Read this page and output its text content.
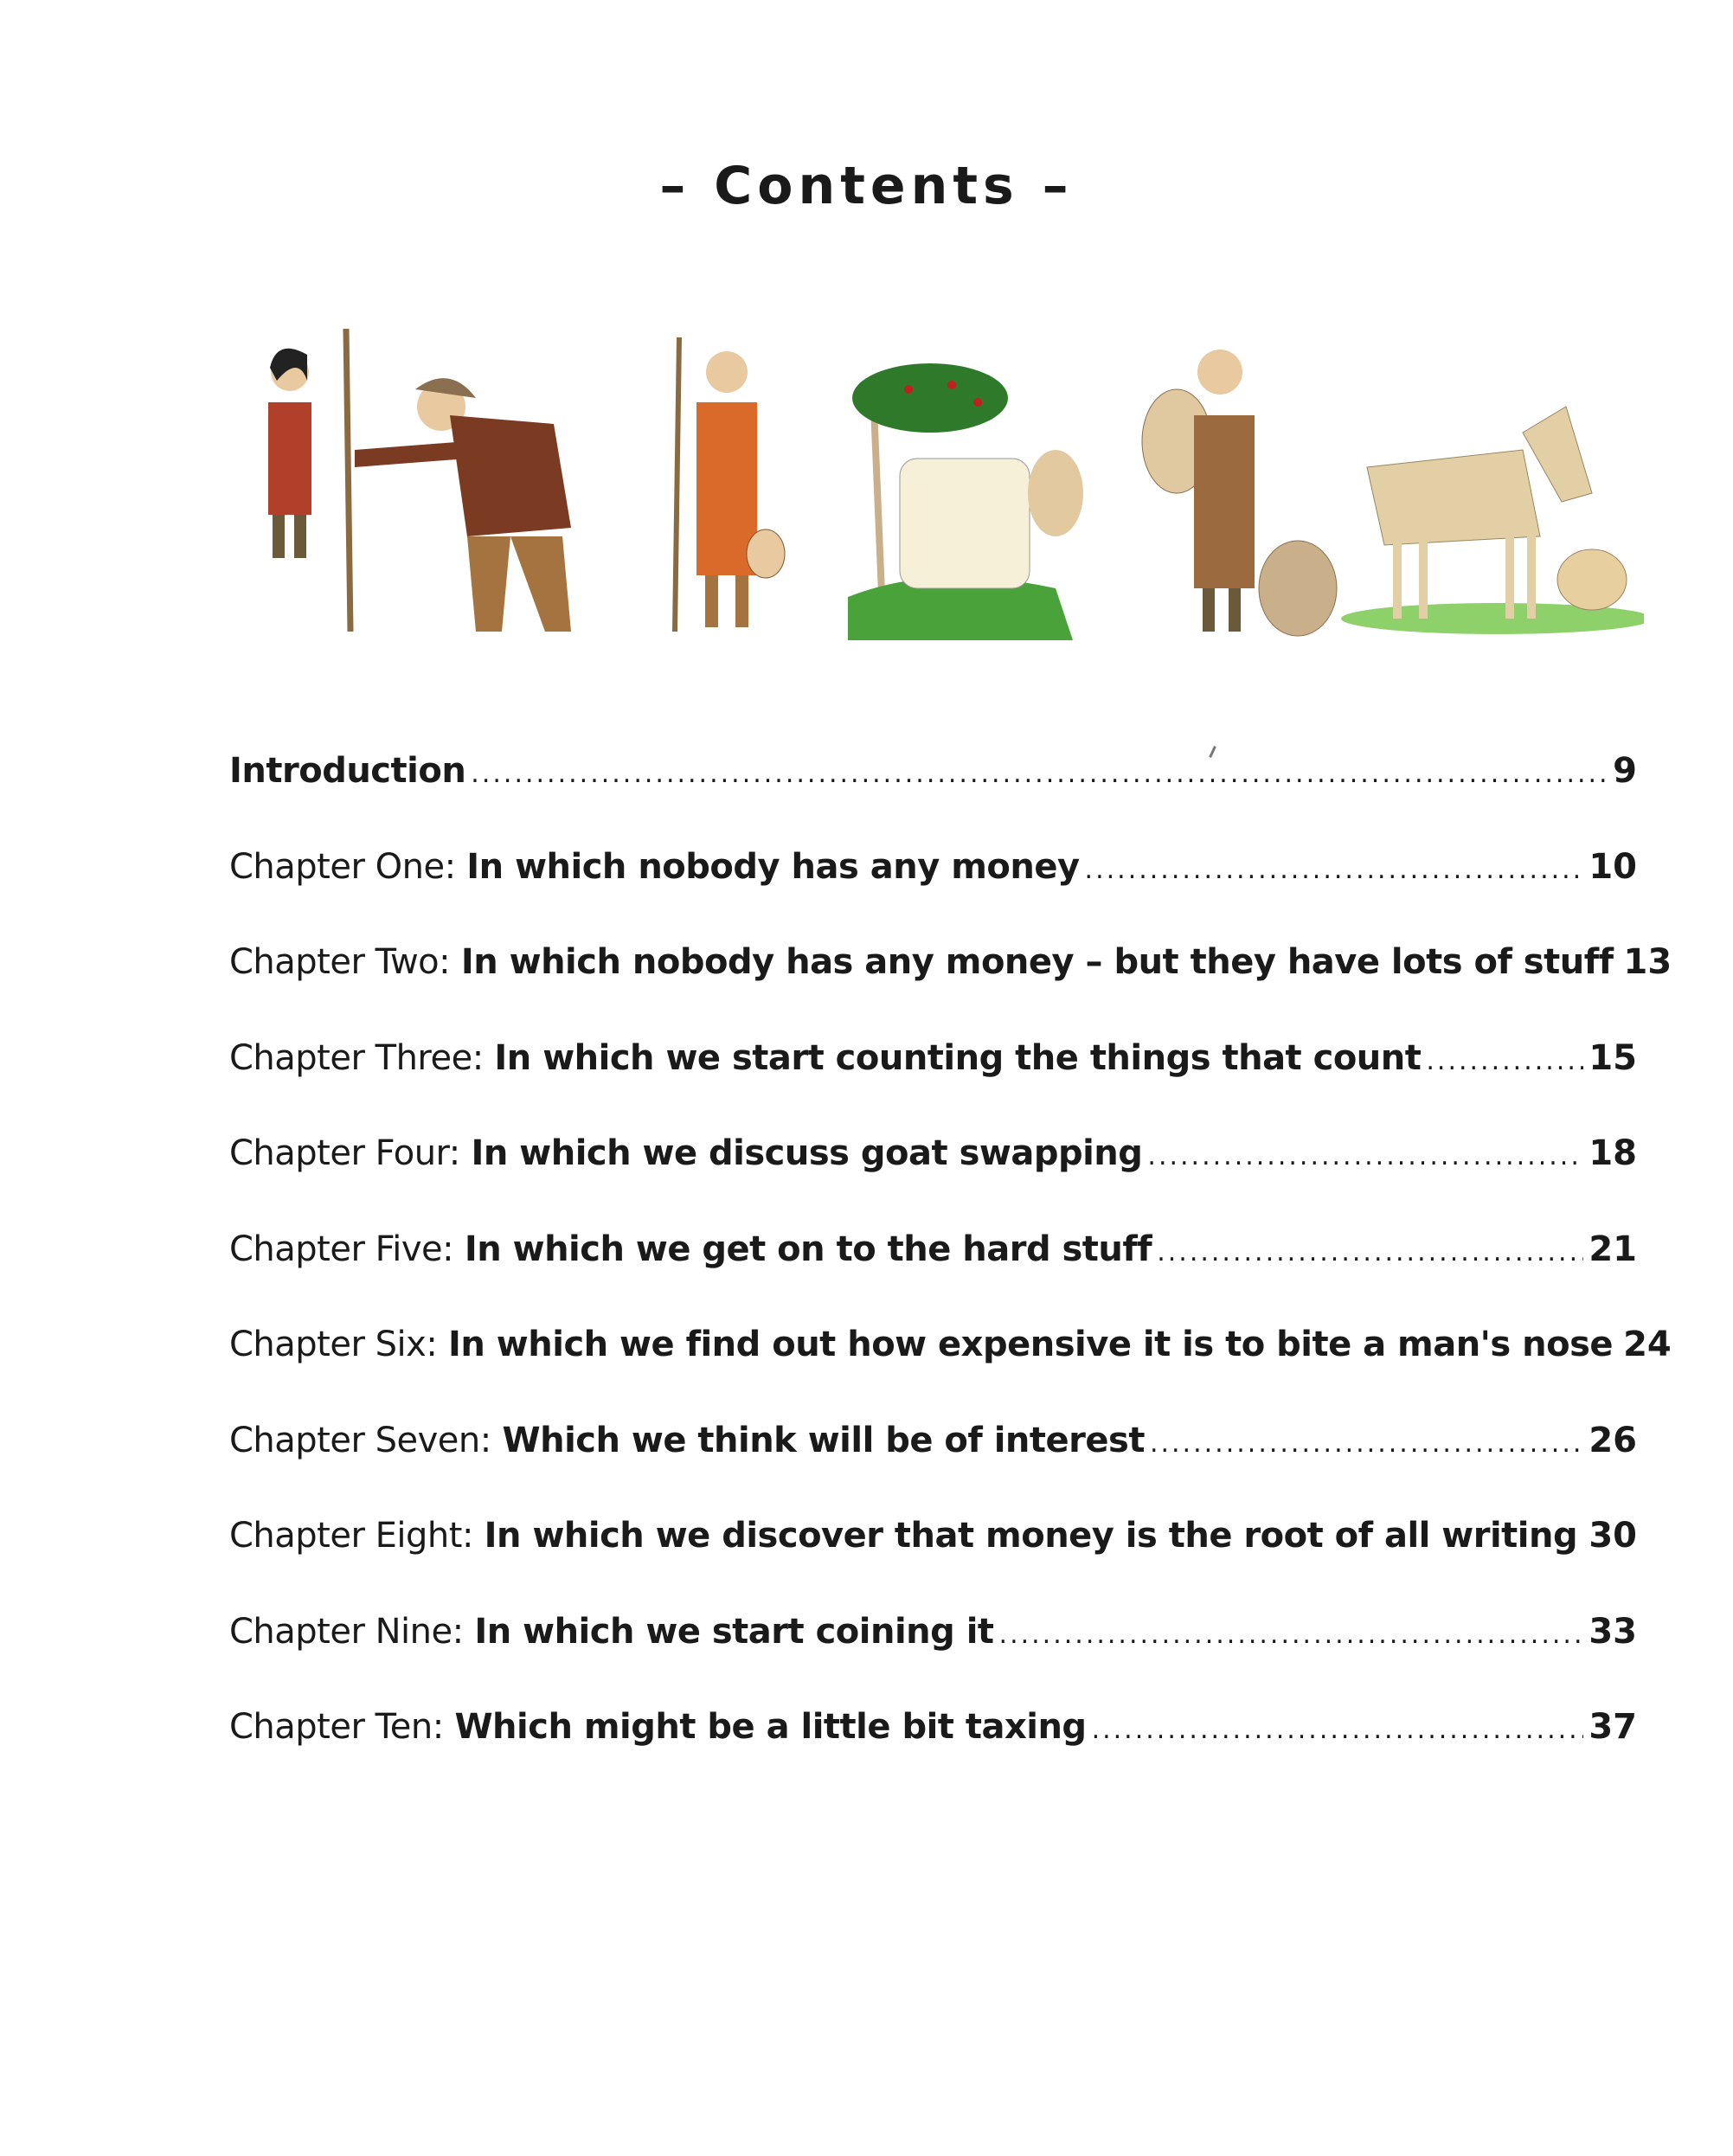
– Contents –
Introduction .....	9
Chapter One:
In which nobody has any money .....	10
Chapter Two:
In which nobody has any money – but they have lots of stuff 13
Chapter Three:
In which we start counting the things that count .....	15
Chapter Four:
In which we discuss goat swapping .....	18
Chapter Five:
In which we get on to the hard stuff .....	21
Chapter Six:
In which we find out how expensive it is to bite a man's nose 24
Chapter Seven:
Which we think will be of interest .....	26
Chapter Eight:
In which we discover that money is the root of all writing ..... 30
Chapter Nine:
In which we start coining it .....	33
Chapter Ten:
Which might be a little bit taxing .....	37
